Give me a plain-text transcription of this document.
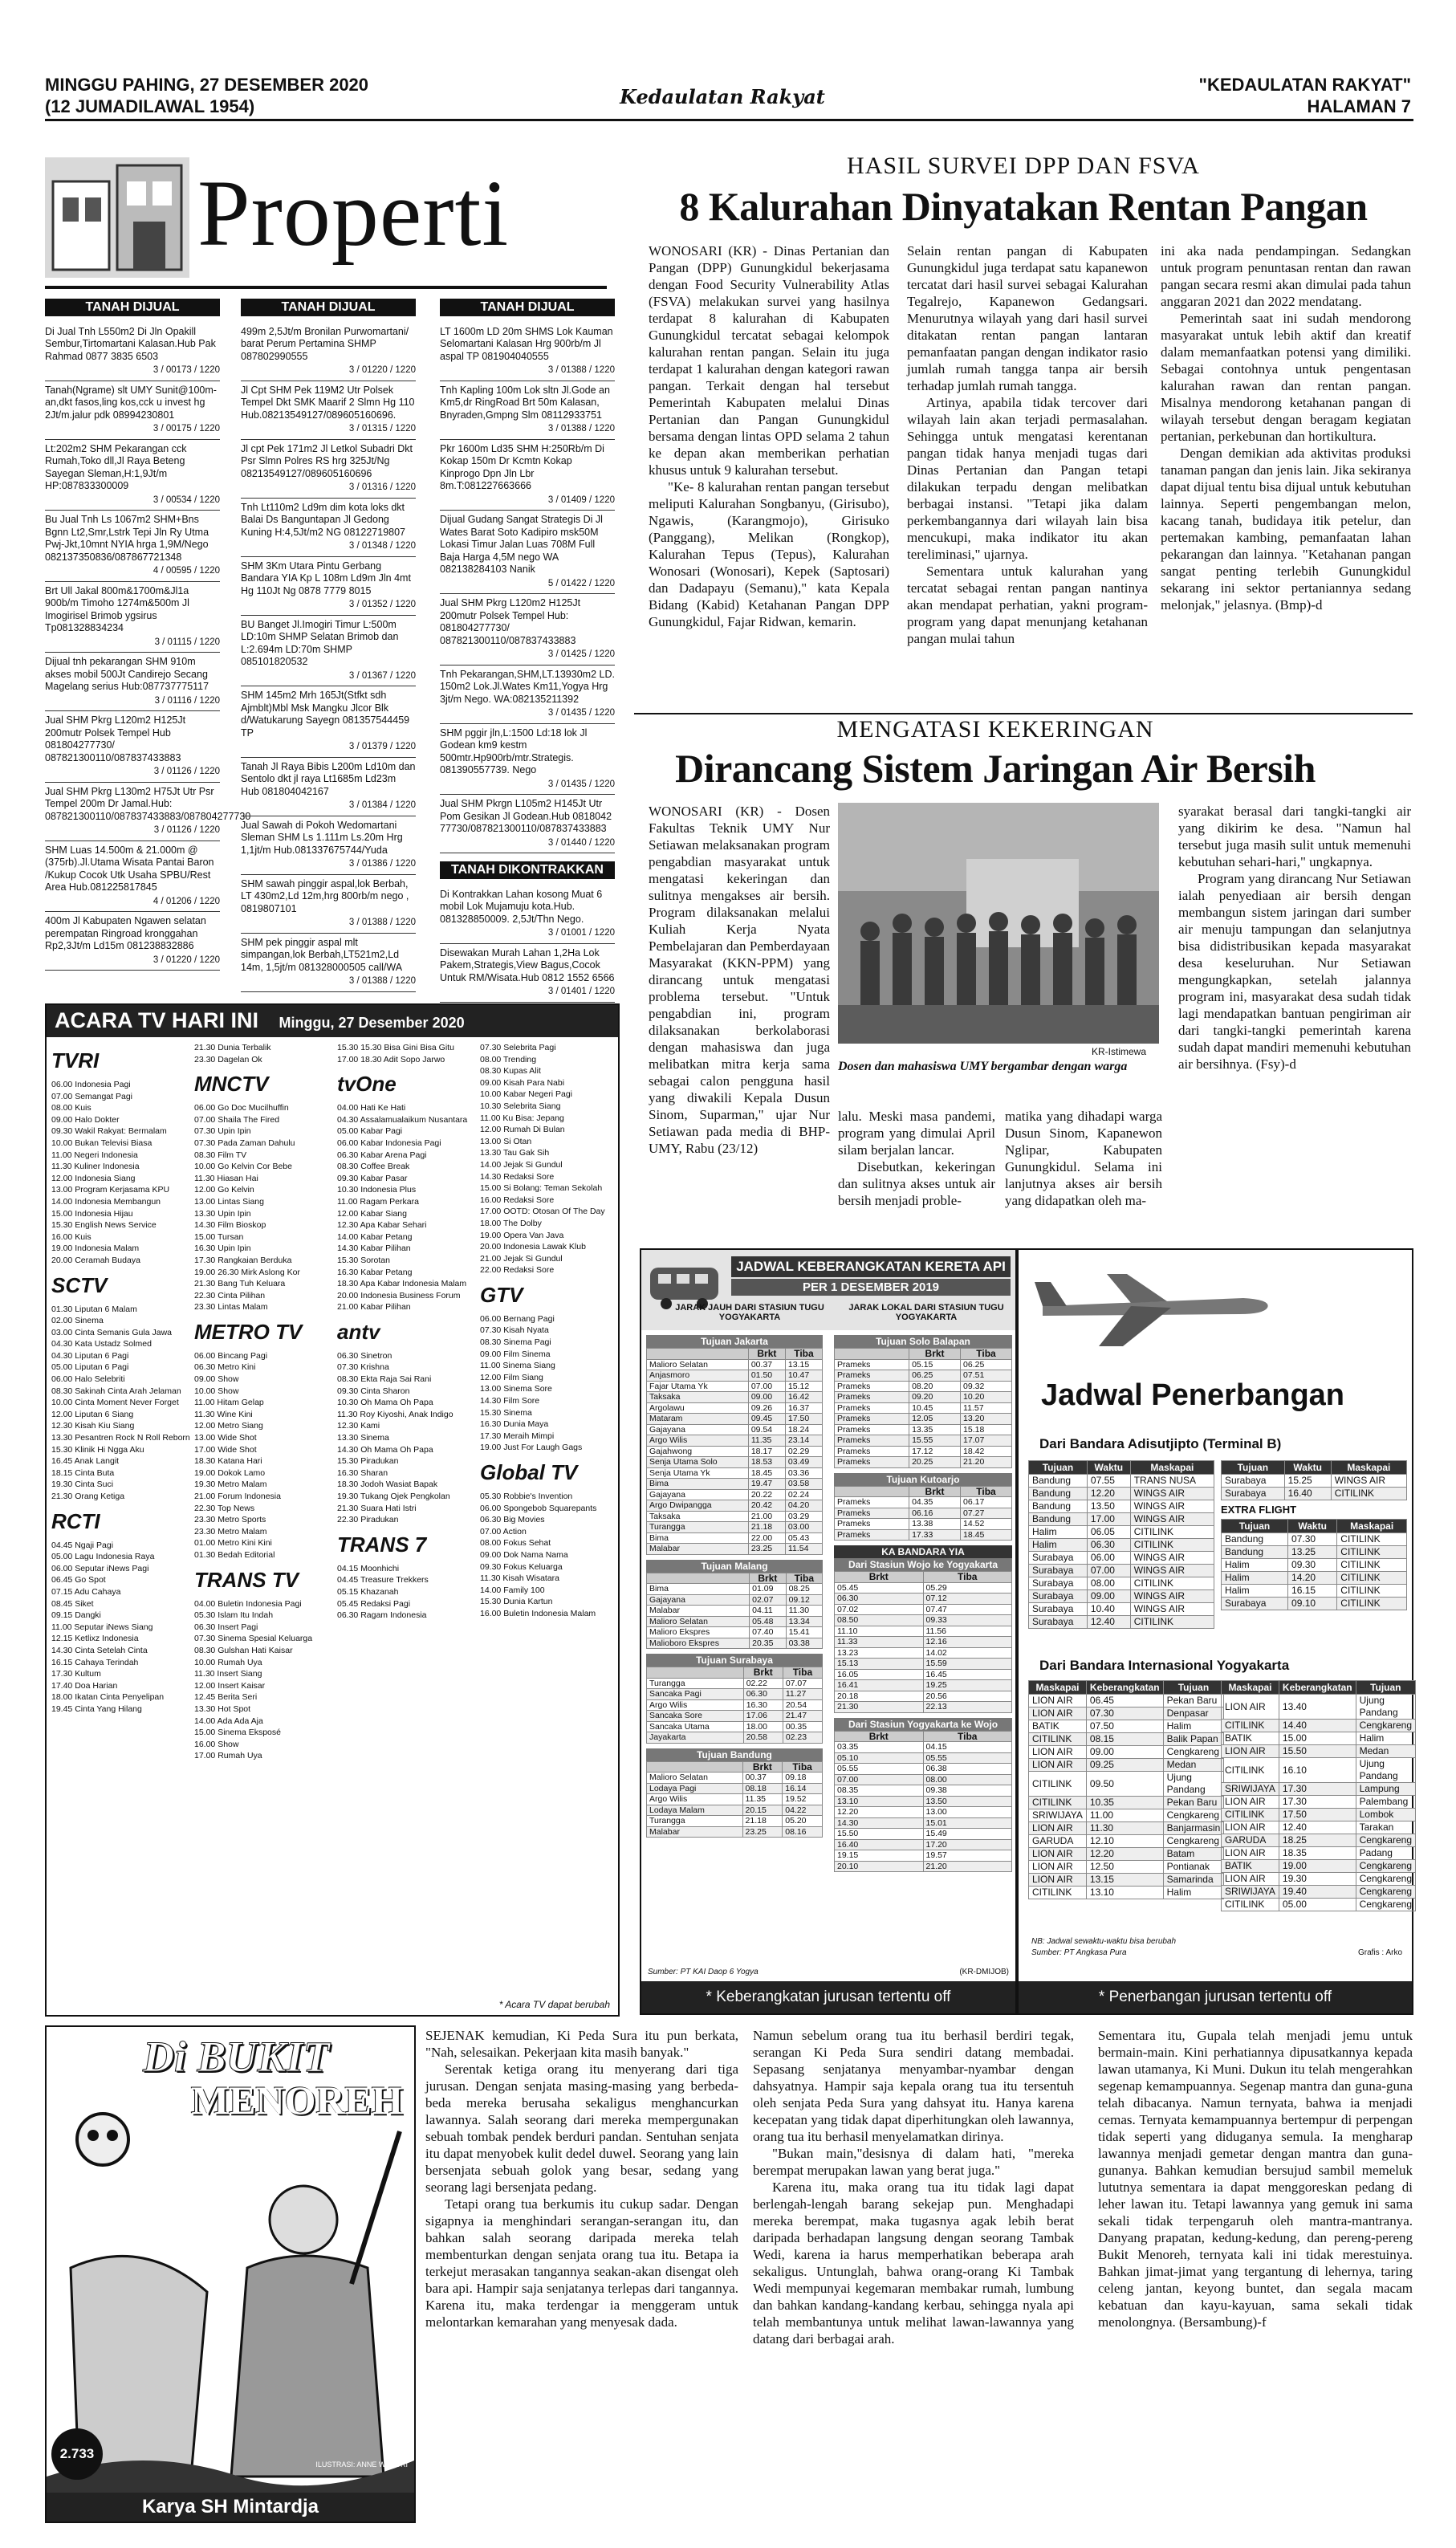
MINGGU PAHING, 27 DESEMBER 2020
(12 JUMADILAWAL 1954)	Kedaulatan Rakyat
"KEDAULATAN RAKYAT"
HALAMAN 7
Properti
TANAH DIJUAL
Di Jual Tnh L550m2 Di Jln Opakill Sembur,Tirtomartani Kalasan.Hub Pak Rahmad 0877 3835 6503
3 / 00173 / 1220
Tanah(Ngrame) slt UMY Sunit@100m-an,dkt fasos,ling kos,cck u invest hg 2Jt/m.jalur pdk 08994230801
3 / 00175 / 1220
Lt:202m2 SHM Pekarangan cck Rumah,Toko dll,Jl Raya Beteng Sayegan Sleman,H:1,9Jt/m HP:087833300009
3 / 00534 / 1220
Bu Jual Tnh Ls 1067m2 SHM+Bns Bgnn Lt2,Smr,Lstrk Tepi Jln Ry Utma Pwj-Jkt,10mnt NYIA hrga 1,9M/Nego 082137350836/087867721348
4 / 00595 / 1220
Brt Ull Jakal 800m&1700m&Jl1a 900b/m Timoho 1274m&500m Jl Imogirisel Brimob ygsirus Tp081328834234
3 / 01115 / 1220
Dijual tnh pekarangan SHM 910m akses mobil 500Jt Candirejo Secang Magelang serius Hub:087737775117
3 / 01116 / 1220
Jual SHM Pkrg L120m2 H125Jt 200mutr Polsek Tempel Hub 081804277730/ 087821300110/087837433883
3 / 01126 / 1220
Jual SHM Pkrg L130m2 H75Jt Utr Psr Tempel 200m Dr Jamal.Hub: 087821300110/087837433883/087804277730
3 / 01126 / 1220
SHM Luas 14.500m & 21.000m @ (375rb).Jl.Utama Wisata Pantai Baron /Kukup Cocok Utk Usaha SPBU/Rest Area Hub.081225817845
4 / 01206 / 1220
400m Jl Kabupaten Ngawen selatan perempatan Ringroad kronggahan Rp2,3Jt/m Ld15m 081238832886
3 / 01220 / 1220
TANAH DIJUAL
499m 2,5Jt/m Bronilan Purwomartani/ barat Perum Pertamina SHMP 087802990555
3 / 01220 / 1220
Jl Cpt SHM Pek 119M2 Utr Polsek Tempel Dkt SMK Maarif 2 Slmn Hg 110 Hub.08213549127/089605160696.
3 / 01315 / 1220
Jl cpt Pek 171m2 Jl Letkol Subadri Dkt Psr Slmn Polres RS hrg 325Jt/Ng 08213549127/089605160696
3 / 01316 / 1220
Tnh Lt110m2 Ld9m dim kota loks dkt Balai Ds Banguntapan Jl Gedong Kuning H:4,5Jt/m2 NG 08122719807
3 / 01348 / 1220
SHM 3Km Utara Pintu Gerbang Bandara YIA Kp L 108m Ld9m Jln 4mt Hg 110Jt Ng 0878 7779 8015
3 / 01352 / 1220
BU Banget Jl.Imogiri Timur L:500m LD:10m SHMP Selatan Brimob dan L:2.694m LD:70m SHMP 085101820532
3 / 01367 / 1220
SHM 145m2 Mrh 165Jt(Stfkt sdh Ajmblt)Mbl Msk Mangku Jlcor Blk d/Watukarung Sayegn 081357544459 TP
3 / 01379 / 1220
Tanah Jl Raya Bibis L200m Ld10m dan Sentolo dkt jl raya Lt1685m Ld23m Hub 081804042167
3 / 01384 / 1220
Jual Sawah di Pokoh Wedomartani Sleman SHM Ls 1.111m Ls.20m Hrg 1,1jt/m Hub.081337675744/Yuda
3 / 01386 / 1220
SHM sawah pinggir aspal,lok Berbah, LT 430m2,Ld 12m,hrg 800rb/m nego , 0819807101
3 / 01388 / 1220
SHM pek pinggir aspal mlt simpangan,lok Berbah,LT521m2,Ld 14m, 1,5jt/m 081328000505 call/WA
3 / 01388 / 1220
TANAH DIJUAL
LT 1600m LD 20m SHMS Lok Kauman Selomartani Kalasan Hrg 900rb/m Jl aspal TP 081904040555
3 / 01388 / 1220
Tnh Kapling 100m Lok sltn Jl.Gode an Km5,dr RingRoad Brt 50m Kalasan, Bnyraden,Gmpng Slm 08112933751
3 / 01388 / 1220
Pkr 1600m Ld35 SHM H:250Rb/m Di Kokap 150m Dr Kcmtn Kokap Kinprogo Dpn Jln Lbr 8m.T:081227663666
3 / 01409 / 1220
Dijual Gudang Sangat Strategis Di Jl Wates Barat Soto Kadipiro msk50M Lokasi Timur Jalan Luas 708M Full Baja Harga 4,5M nego WA 082138284103 Nanik
5 / 01422 / 1220
Jual SHM Pkrg L120m2 H125Jt 200mutr Polsek Tempel Hub: 081804277730/ 087821300110/087837433883
3 / 01425 / 1220
Tnh Pekarangan,SHM,LT.13930m2 LD. 150m2 Lok.Jl.Wates Km11,Yogya Hrg 3jt/m Nego. WA:082135211392
3 / 01435 / 1220
SHM pggir jln,L:1500 Ld:18 lok Jl Godean km9 kestm 500mtr.Hp900rb/mtr.Strategis. 081390557739. Nego
3 / 01435 / 1220
Jual SHM Pkrgn L105m2 H145Jt Utr Pom Gesikan Jl Godean.Hub 0818042 77730/087821300110/087837433883
3 / 01440 / 1220
TANAH DIKONTRAKKAN
Di Kontrakkan Lahan kosong Muat 6 mobil Lok Mujamuju kota.Hub. 081328850009. 2,5Jt/Thn Nego.
3 / 01001 / 1220
Disewakan Murah Lahan 1,2Ha Lok Pakem,Strategis,View Bagus,Cocok Untuk RM/Wisata.Hub 0812 1552 6566
3 / 01401 / 1220
HASIL SURVEI DPP DAN FSVA
8 Kalurahan Dinyatakan Rentan Pangan

WONOSARI (KR) - Dinas Pertanian dan Pangan (DPP) Gunungkidul bekerjasama dengan Food Security Vulnerability Atlas (FSVA) melakukan survei yang hasilnya terdapat 8 kalurahan di Kabupaten Gunungkidul tercatat sebagai kelompok kalurahan rentan pangan. Selain itu juga terdapat 1 kalurahan dengan kategori rawan pangan. Terkait dengan hal tersebut Pemerintah Kabupaten melalui Dinas Pertanian dan Pangan Gunungkidul bersama dengan lintas OPD selama 2 tahun ke depan akan memberikan perhatian khusus untuk 9 kalurahan tersebut.

"Ke- 8 kalurahan rentan pangan tersebut meliputi Kalurahan Songbanyu, (Girisubo), Ngawis, (Karangmojo), Girisuko (Panggang), Melikan (Rongkop), Kalurahan Tepus (Tepus), Kalurahan Wonosari (Wonosari), Kepek (Saptosari) dan Dadapayu (Semanu)," kata Kepala Bidang (Kabid) Ketahanan Pangan DPP Gunungkidul, Fajar Ridwan, kemarin.

Selain rentan pangan di Kabupaten Gunungkidul juga terdapat satu kapanewon tercatat dari hasil survei sebagai Kalurahan Tegalrejo, Kapanewon Gedangsari. Menurutnya wilayah yang dari hasil survei ditakatan rentan pangan lantaran pemanfaatan pangan dengan indikator rasio jumlah rumah tangga tanpa air bersih terhadap jumlah rumah tangga.

Artinya, apabila tidak tercover dari wilayah lain akan terjadi permasalahan. Sehingga untuk mengatasi kerentanan pangan tidak hanya menjadi tugas dari Dinas Pertanian dan Pangan tetapi dilakukan terpadu dengan melibatkan berbagai instansi. "Tetapi jika dalam perkembangannya dari wilayah lain bisa mencukupi, maka indikator itu akan tereliminasi," ujarnya.

Sementara untuk kalurahan yang tercatat sebagai rentan pangan nantinya akan mendapat perhatian, yakni program-program yang dapat menunjang ketahanan pangan mulai tahun

ini aka nada pendampingan. Sedangkan untuk program penuntasan rentan dan rawan pangan secara resmi akan dimulai pada tahun anggaran 2021 dan 2022 mendatang.

Pemerintah saat ini sudah mendorong masyarakat untuk lebih aktif dan kreatif dalam memanfaatkan potensi yang dimiliki. Sebagai contohnya untuk pengentasan kalurahan rawan dan rentan pangan. Misalnya mendorong ketahanan pangan di wilayah tersebut dengan beragam kegiatan pertanian, perkebunan dan hortikultura.

Dengan demikian ada aktivitas produksi tanaman pangan dan jenis lain. Jika sekiranya dapat dijual tentu bisa dijual untuk kebutuhan lainnya. Seperti pengembangan melon, kacang tanah, budidaya itik petelur, dan pertemakan kambing, pemanfaatan lahan pekarangan dan lainnya. "Ketahanan pangan sangat penting terlebih Gunungkidul sekarang ini sektor pertaniannya sedang melonjak," jelasnya. (Bmp)-d

MENGATASI KEKERINGAN
Dirancang Sistem Jaringan Air Bersih

WONOSARI (KR) - Dosen Fakultas Teknik UMY Nur Setiawan melaksanakan program pengabdian masyarakat untuk mengatasi kekeringan dan sulitnya mengakses air bersih. Program dilaksanakan melalui Kuliah Kerja Nyata Pembelajaran dan Pemberdayaan Masyarakat (KKN-PPM) yang dirancang untuk mengatasi problema tersebut. "Untuk pengabdian ini, program dilaksanakan berkolaborasi dengan mahasiswa dan juga melibatkan mitra kerja sama sebagai calon pengguna hasil yang diwakili Kepala Dusun Sinom, Suparman," ujar Nur Setiawan pada media di BHP-UMY, Rabu (23/12)

KR-Istimewa
Dosen dan mahasiswa UMY bergambar dengan warga

lalu. Meski masa pandemi, program yang dimulai April silam berjalan lancar.

Disebutkan, kekeringan dan sulitnya akses untuk air bersih menjadi proble-

matika yang dihadapi warga Dusun Sinom, Kapanewon Nglipar, Kabupaten Gunungkidul. Selama ini lanjutnya akses air bersih yang didapatkan oleh ma-

syarakat berasal dari tangki-tangki air yang dikirim ke desa. "Namun hal tersebut juga masih sulit untuk memenuhi kebutuhan sehari-hari," ungkapnya.

Program yang dirancang Nur Setiawan ialah penyediaan air bersih dengan membangun sistem jaringan dari sumber air menuju tampungan dan selanjutnya bisa didistribusikan kepada masyarakat desa keseluruhan. Nur Setiawan mengungkapkan, setelah jalannya program ini, masyarakat desa sudah tidak lagi mendapatkan bantuan pengiriman air dari tangki-tangki pemerintah karena sudah dapat mandiri memenuhi kebutuhan air bersihnya. (Fsy)-d

ACARA TV HARI INI Minggu, 27 Desember 2020
TVRI
06.00 Indonesia Pagi
07.00 Semangat Pagi
08.00 Kuis
09.00 Halo Dokter
09.30 Wakil Rakyat: Bermalam
10.00 Bukan Televisi Biasa
11.00 Negeri Indonesia
11.30 Kuliner Indonesia
12.00 Indonesia Siang
13.00 Program Kerjasama KPU
14.00 Indonesia Membangun
15.00 Indonesia Hijau
15.30 English News Service
16.00 Kuis
19.00 Indonesia Malam
20.00 Ceramah Budaya
SCTV
01.30 Liputan 6 Malam
02.00 Sinema
03.00 Cinta Semanis Gula Jawa
04.30 Kata Ustadz Solmed
04.30 Liputan 6 Pagi
05.00 Liputan 6 Pagi
06.00 Halo Selebriti
08.30 Sakinah Cinta Arah Jelaman
10.00 Cinta Moment Never Forget
12.00 Liputan 6 Siang
12.30 Kisah Kiu Siang
13.30 Pesantren Rock N Roll Reborn
15.30 Klinik Hi Ngga Aku
16.45 Anak Langit
18.15 Cinta Buta
19.30 Cinta Suci
21.30 Orang Ketiga
RCTI
04.45 Ngaji Pagi
05.00 Lagu Indonesia Raya
06.00 Seputar iNews Pagi
06.45 Go Spot
07.15 Adu Cahaya
08.45 Siket
09.15 Dangki
11.00 Seputar iNews Siang
12.15 Ketlixz Indonesia
14.30 Cinta Setelah Cinta
16.15 Cahaya Terindah
17.30 Kultum
17.40 Doa Harian
18.00 Ikatan Cinta Penyelipan
19.45 Cinta Yang Hilang
21.30 Dunia Terbalik
23.30 Dagelan Ok
MNCTV
06.00 Go Doc Mucilhuffin
07.00 Shaila The Fired
07.30 Upin Ipin
07.30 Pada Zaman Dahulu
08.30 Film TV
10.00 Go Kelvin Cor Bebe
11.30 Hiasan Hai
12.00 Go Kelvin
13.00 Lintas Siang
13.30 Upin Ipin
14.30 Film Bioskop
15.00 Tursan
16.30 Upin Ipin
17.30 Rangkaian Berduka
19.00 26.30 Mirk Aslong Kor
21.30 Bang Tuh Keluara
22.30 Cinta Pilihan
23.30 Lintas Malam
METRO TV
06.00 Bincang Pagi
06.30 Metro Kini
09.00 Show
10.00 Show
11.00 Hitam Gelap
11.30 Wine Kini
12.00 Metro Siang
13.00 Wide Shot
17.00 Wide Shot
18.30 Katana Hari
19.00 Dokok Lamo
19.30 Metro Malam
21.00 Forum Indonesia
22.30 Top News
23.30 Metro Sports
23.30 Metro Malam
01.00 Metro Kini Kini
01.30 Bedah Editorial
TRANS TV
04.00 Buletin Indonesia Pagi
05.30 Islam Itu Indah
06.30 Insert Pagi
07.30 Sinema Spesial Keluarga
08.30 Gulshan Hati Kaisar
10.00 Rumah Uya
11.30 Insert Siang
12.00 Insert Kaisar
12.45 Berita Seri
13.30 Hot Spot
14.00 Ada Ada Aja
15.00 Sinema Eksposé
16.00 Show
17.00 Rumah Uya
15.30 15.30 Bisa Gini Bisa Gitu
17.00 18.30 Adit Sopo Jarwo
tvOne
04.00 Hati Ke Hati
04.30 Assalamualaikum Nusantara
05.00 Kabar Pagi
06.00 Kabar Indonesia Pagi
06.30 Kabar Arena Pagi
08.30 Coffee Break
09.30 Kabar Pasar
10.30 Indonesia Plus
11.00 Ragam Perkara
12.00 Kabar Siang
12.30 Apa Kabar Sehari
14.00 Kabar Petang
14.30 Kabar Pilihan
15.30 Sorotan
16.30 Kabar Petang
18.30 Apa Kabar Indonesia Malam
20.00 Indonesia Business Forum
21.00 Kabar Pilihan
antv
06.30 Sinetron
07.30 Krishna
08.30 Ekta Raja Sai Rani
09.30 Cinta Sharon
10.30 Oh Mama Oh Papa
11.30 Roy Kiyoshi, Anak Indigo
12.30 Kami
13.30 Sinema
14.30 Oh Mama Oh Papa
15.30 Piradukan
16.30 Sharan
18.30 Jodoh Wasiat Bapak
19.30 Tukang Ojek Pengkolan
21.30 Suara Hati Istri
22.30 Piradukan
TRANS 7
04.15 Moonhichi
04.45 Treasure Trekkers
05.15 Khazanah
05.45 Redaksi Pagi
06.30 Ragam Indonesia
07.30 Selebrita Pagi
08.00 Trending
08.30 Kupas Alit
09.00 Kisah Para Nabi
10.00 Kabar Negeri Pagi
10.30 Selebrita Siang
11.00 Ku Bisa: Jepang
12.00 Rumah Di Bulan
13.00 Si Otan
13.30 Tau Gak Sih
14.00 Jejak Si Gundul
14.30 Redaksi Sore
15.00 Si Bolang: Teman Sekolah
16.00 Redaksi Sore
17.00 OOTD: Otosan Of The Day
18.00 The Dolby
19.00 Opera Van Java
20.00 Indonesia Lawak Klub
21.00 Jejak Si Gundul
22.00 Redaksi Sore
GTV
06.00 Bernang Pagi
07.30 Kisah Nyata
08.30 Sinema Pagi
09.00 Film Sinema
11.00 Sinema Siang
12.00 Film Siang
13.00 Sinema Sore
14.30 Film Sore
15.30 Sinema
16.30 Dunia Maya
17.30 Meraih Mimpi
19.00 Just For Laugh Gags
Global TV
05.30 Robbie's Invention
06.00 Spongebob Squarepants
06.30 Big Movies
07.00 Action
08.00 Fokus Sehat
09.00 Dok Nama Nama
09.30 Fokus Keluarga
11.30 Kisah Wisatara
14.00 Family 100
15.30 Dunia Kartun
16.00 Buletin Indonesia Malam
* Acara TV dapat berubah
JADWAL KEBERANGKATAN KERETA API
PER 1 DESEMBER 2019
JARAK JAUH DARI STASIUN TUGU YOGYAKARTA
JARAK LOKAL DARI STASIUN TUGU YOGYAKARTA
Tujuan Jakarta
	Brkt	Tiba
Malioro Selatan	00.37	13.15
Anjasmoro	01.50	10.47
Fajar Utama Yk	07.00	15.12
Taksaka	09.00	16.42
Argolawu	09.26	16.37
Mataram	09.45	17.50
Gajayana	09.54	18.24
Argo Wilis	11.35	23.14
Gajahwong	18.17	02.29
Senja Utama Solo	18.53	03.49
Senja Utama Yk	18.45	03.36
Bima	19.47	03.58
Gajayana	20.22	02.24
Argo Dwipangga	20.42	04.20
Taksaka	21.00	03.29
Turangga	21.18	03.00
Bima	22.00	05.43
Malabar	23.25	11.54
Tujuan Malang
	Brkt	Tiba
Bima	01.09	08.25
Gajayana	02.07	09.12
Malabar	04.11	11.30
Malioro Selatan	05.48	13.34
Malioro Ekspres	07.40	15.41
Malioboro Ekspres	20.35	03.38
Tujuan Surabaya
	Brkt	Tiba
Turangga	02.22	07.07
Sancaka Pagi	06.30	11.27
Argo Wilis	16.30	20.54
Sancaka Sore	17.06	21.47
Sancaka Utama	18.00	00.35
Jayakarta	20.58	02.23
Tujuan Bandung
	Brkt	Tiba
Malioro Selatan	00.37	09.18
Lodaya Pagi	08.18	16.14
Argo Wilis	11.35	19.52
Lodaya Malam	20.15	04.22
Turangga	21.18	05.20
Malabar	23.25	08.16
Tujuan Solo Balapan
	Brkt	Tiba
Prameks	05.15	06.25
Prameks	06.25	07.51
Prameks	08.20	09.32
Prameks	09.20	10.20
Prameks	10.45	11.57
Prameks	12.05	13.20
Prameks	13.35	15.18
Prameks	15.55	17.07
Prameks	17.12	18.42
Prameks	20.25	21.20
Tujuan Kutoarjo
	Brkt	Tiba
Prameks	04.35	06.17
Prameks	06.16	07.27
Prameks	13.38	14.52
Prameks	17.33	18.45
KA BANDARA YIA
Dari Stasiun Wojo ke Yogyakarta
Brkt	Tiba
05.45	05.29
06.30	07.12
07.02	07.47
08.50	09.33
11.10	11.56
11.33	12.16
13.23	14.02
15.13	15.59
16.05	16.45
16.41	19.25
20.18	20.56
21.30	22.13
Dari Stasiun Yogyakarta ke Wojo
Brkt	Tiba
03.35	04.15
05.10	05.55
05.55	06.38
07.00	08.00
08.35	09.38
13.10	13.50
12.20	13.00
14.30	15.01
15.50	15.49
16.40	17.20
19.15	19.57
20.10	21.20
Sumber: PT KAI Daop 6 Yogya	(KR-DMIJOB)
* Keberangkatan jurusan tertentu off
Jadwal Penerbangan
Dari Bandara Adisutjipto (Terminal B)
Tujuan	Waktu	Maskapai
Bandung	07.55	TRANS NUSA
Bandung	12.20	WINGS AIR
Bandung	13.50	WINGS AIR
Bandung	17.00	WINGS AIR
Halim	06.05	CITILINK
Halim	06.30	CITILINK
Surabaya	06.00	WINGS AIR
Surabaya	07.00	WINGS AIR
Surabaya	08.00	CITILINK
Surabaya	09.00	WINGS AIR
Surabaya	10.40	WINGS AIR
Surabaya	12.40	CITILINK
Tujuan	Waktu	Maskapai
Surabaya	15.25	WINGS AIR
Surabaya	16.40	CITILINK
EXTRA FLIGHT
Tujuan	Waktu	Maskapai
Bandung	07.30	CITILINK
Bandung	13.25	CITILINK
Halim	09.30	CITILINK
Halim	14.20	CITILINK
Halim	16.15	CITILINK
Surabaya	09.10	CITILINK
Dari Bandara Internasional Yogyakarta
Maskapai	Keberangkatan	Tujuan
LION AIR	06.45	Pekan Baru
LION AIR	07.30	Denpasar
BATIK	07.50	Halim
CITILINK	08.15	Balik Papan
LION AIR	09.00	Cengkareng
LION AIR	09.25	Medan
CITILINK	09.50	Ujung Pandang
CITILINK	10.35	Pekan Baru
SRIWIJAYA	11.00	Cengkareng
LION AIR	11.30	Banjarmasin
GARUDA	12.10	Cengkareng
LION AIR	12.20	Batam
LION AIR	12.50	Pontianak
LION AIR	13.15	Samarinda
CITILINK	13.10	Halim
Maskapai	Keberangkatan	Tujuan
LION AIR	13.40	Ujung Pandang
CITILINK	14.40	Cengkareng
BATIK	15.00	Halim
LION AIR	15.50	Medan
CITILINK	16.10	Ujung Pandang
SRIWIJAYA	17.30	Lampung
LION AIR	17.30	Palembang
CITILINK	17.50	Lombok
LION AIR	12.40	Tarakan
GARUDA	18.25	Cengkareng
LION AIR	18.35	Padang
BATIK	19.00	Cengkareng
LION AIR	19.30	Cengkareng
SRIWIJAYA	19.40	Cengkareng
CITILINK	05.00	Cengkareng
NB: Jadwal sewaktu-waktu bisa berubah
Sumber: PT Angkasa Pura	Grafis : Arko
* Penerbangan jurusan tertentu off
Di BUKIT
MENOREH
2.733
ILUSTRASI: ANNE WANDRI
Karya SH Mintardja

SEJENAK kemudian, Ki Peda Sura itu pun berkata, "Nah, selesaikan. Pekerjaan kita masih banyak."

Serentak ketiga orang itu menyerang dari tiga jurusan. Dengan senjata masing-masing yang berbeda-beda mereka berusaha sekaligus menghancurkan lawannya. Salah seorang dari mereka mempergunakan sebuah tombak pendek berduri pandan. Sentuhan senjata itu dapat menyobek kulit dedel duwel. Seorang yang lain bersenjata sebuah golok yang besar, sedang yang seorang lagi bersenjata pedang.

Tetapi orang tua berkumis itu cukup sadar. Dengan sigapnya ia menghindari serangan-serangan itu, dan bahkan salah seorang daripada mereka telah membenturkan dengan senjata orang tua itu. Betapa ia terkejut merasakan tangannya seakan-akan disengat oleh bara api. Hampir saja senjatanya terlepas dari tangannya. Karena itu, maka terdengar ia menggeram untuk melontarkan kemarahan yang menyesak dada.

Namun sebelum orang tua itu berhasil berdiri tegak, serangan Ki Peda Sura sendiri datang membadai. Sepasang senjatanya menyambar-nyambar dengan dahsyatnya. Hampir saja kepala orang tua itu tersentuh oleh senjata Peda Sura yang dahsyat itu. Hanya karena kecepatan yang tidak dapat diperhitungkan oleh lawannya, orang tua itu berhasil menyelamatkan dirinya.

"Bukan main,"desisnya di dalam hati, "mereka berempat merupakan lawan yang berat juga."

Karena itu, maka orang tua itu tidak lagi dapat berlengah-lengah barang sekejap pun. Menghadapi mereka berempat, maka tugasnya agak lebih berat daripada berhadapan langsung dengan seorang Tambak Wedi, karena ia harus memperhatikan beberapa arah sekaligus. Untunglah, bahwa orang-orang Ki Tambak Wedi mempunyai kegemaran membakar rumah, lumbung dan bahkan kandang-kandang kerbau, sehingga nyala api telah membantunya untuk melihat lawan-lawannya yang datang dari berbagai arah.

Sementara itu, Gupala telah menjadi jemu untuk bermain-main. Kini perhatiannya dipusatkannya kepada lawan utamanya, Ki Muni. Dukun itu telah mengerahkan segenap kemampuannya. Segenap mantra dan guna-guna telah dibacanya. Namun ternyata, bahwa ia menjadi cemas. Ternyata kemampuannya bertempur di perpengan tidak seperti yang diduganya semula. Ia mengharap lawannya menjadi gemetar dengan mantra dan guna-gunanya. Bahkan kemudian bersujud sambil memeluk lututnya sementara ia dapat menggoreskan pedang di leher lawan itu. Tetapi lawannya yang gemuk ini sama sekali tidak terpengaruh oleh mantra-mantranya. Danyang prapatan, kedung-kedung, dan pereng-pereng Bukit Menoreh, ternyata kali ini tidak merestuinya. Bahkan jimat-jimat yang tergantung di lehernya, taring celeng jantan, keyong buntet, dan segala macam kebatuan dan kayu-kayuan, sama sekali tidak menolongnya. (Bersambung)-f
